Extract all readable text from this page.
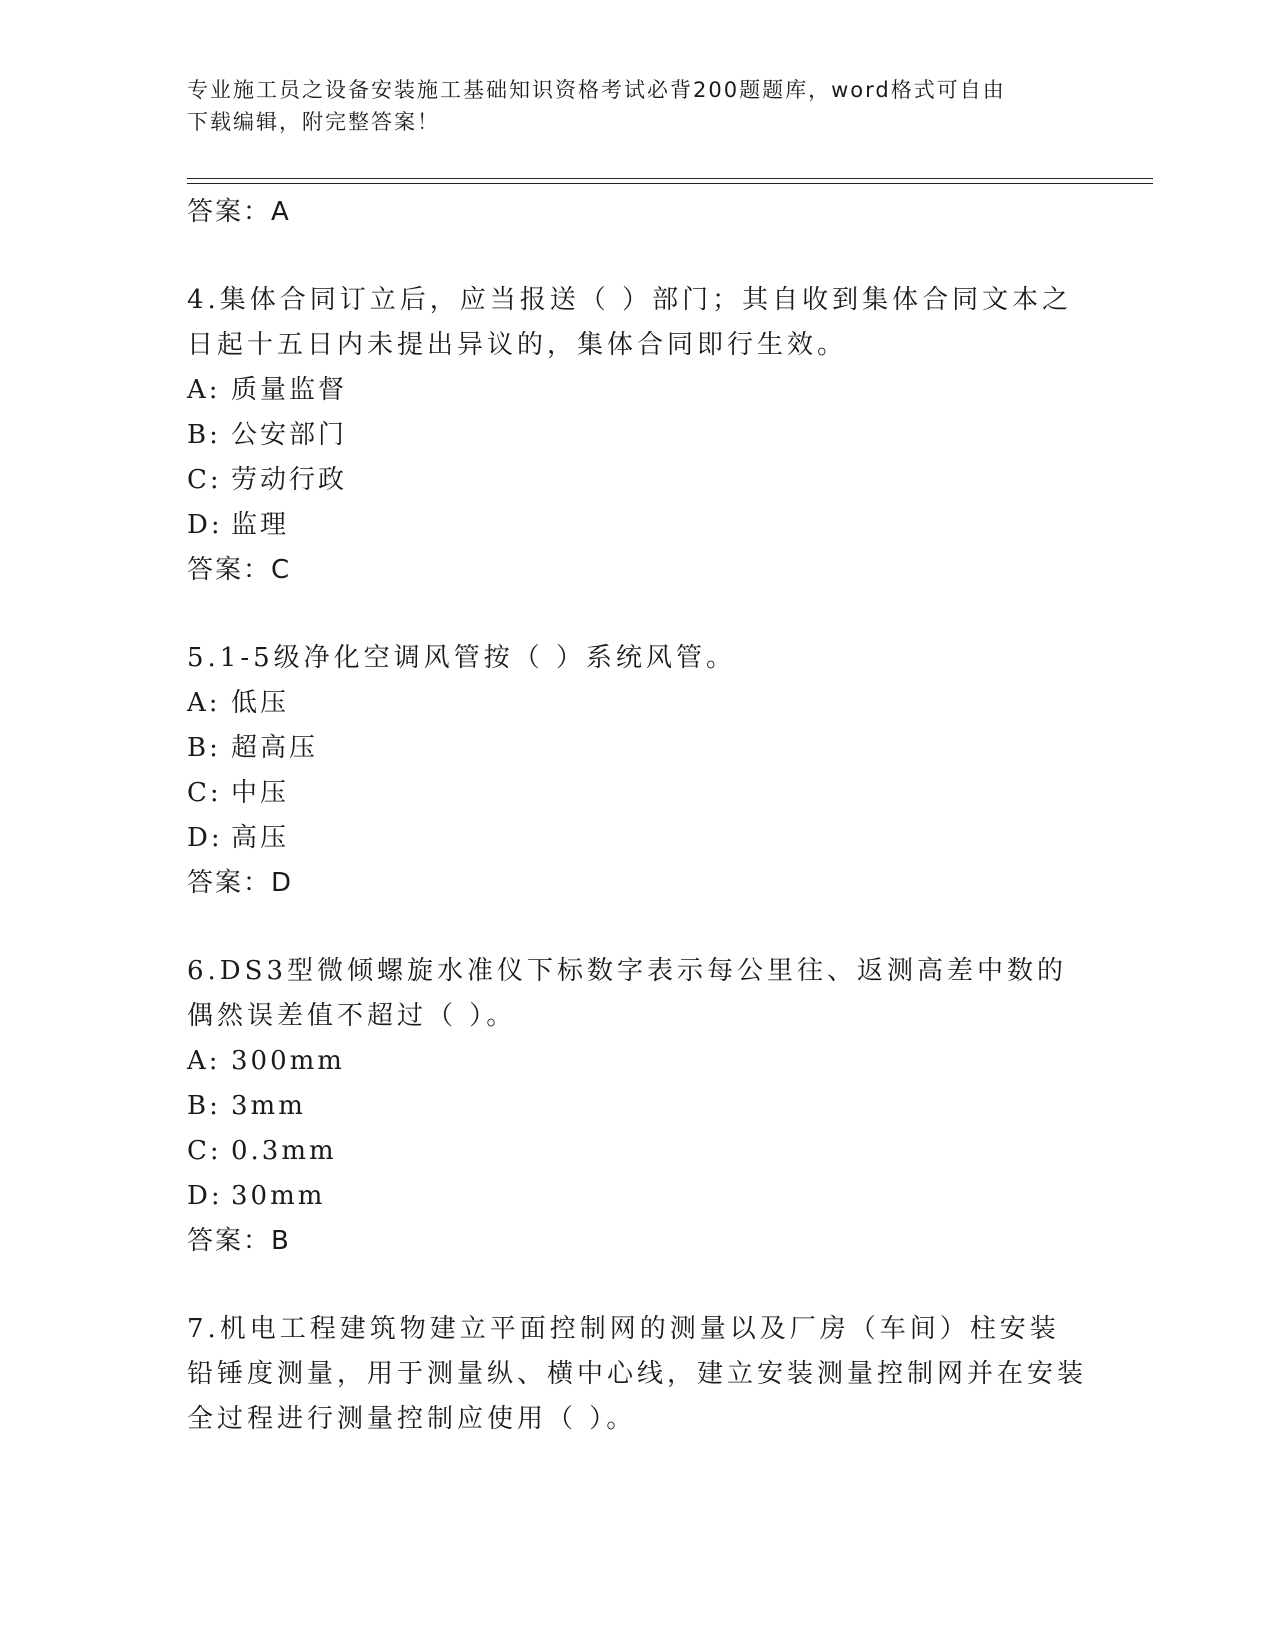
专业施工员之设备安装施工基础知识资格考试必背200题题库，word格式可自由
下载编辑，附完整答案！
答案：A
4.集体合同订立后，应当报送（ ）部门；其自收到集体合同文本之日起十五日内未提出异议的，集体合同即行生效。
A: 质量监督
B: 公安部门
C: 劳动行政
D: 监理
答案：C
5.1-5级净化空调风管按（ ）系统风管。
A: 低压
B: 超高压
C: 中压
D: 高压
答案：D
6.DS3型微倾螺旋水准仪下标数字表示每公里往、返测高差中数的偶然误差值不超过（ ）。
A: 300mm
B: 3mm
C: 0.3mm
D: 30mm
答案：B
7.机电工程建筑物建立平面控制网的测量以及厂房（车间）柱安装铅锤度测量，用于测量纵、横中心线，建立安装测量控制网并在安装全过程进行测量控制应使用（ ）。
